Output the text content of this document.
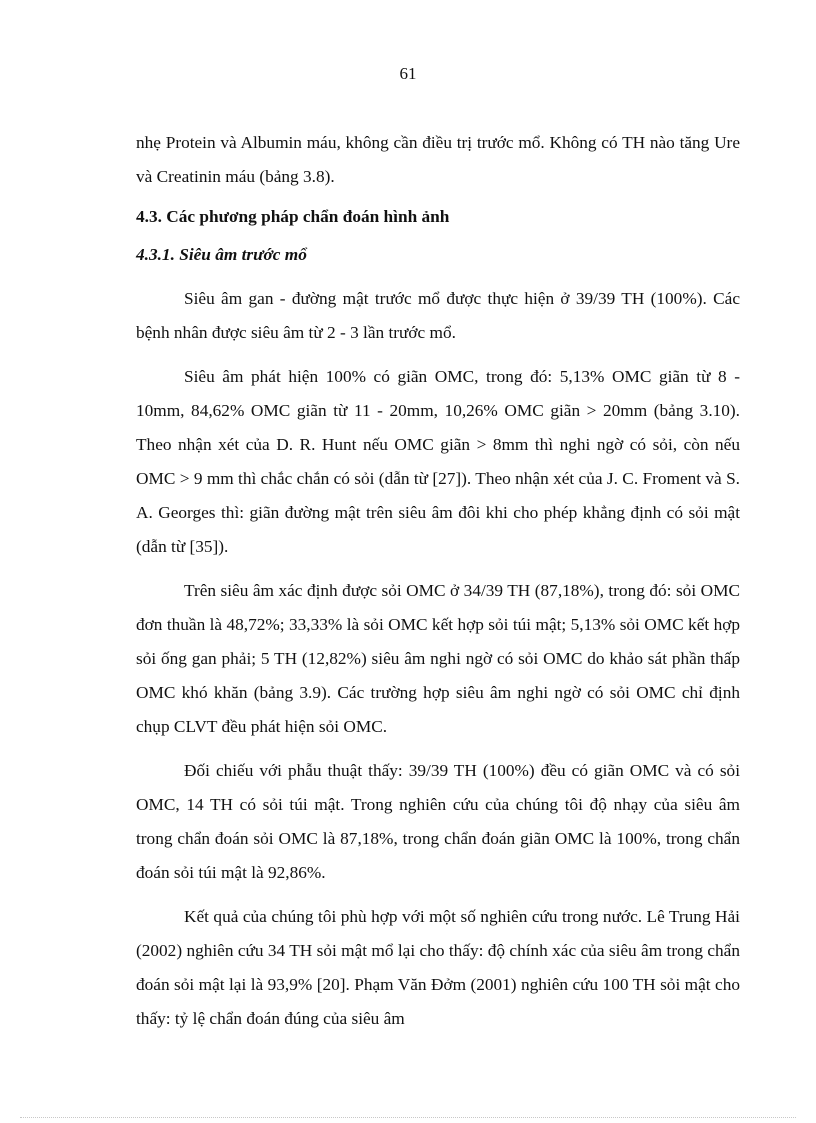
61

nhẹ Protein và Albumin máu, không cần điều trị trước mổ. Không có TH nào tăng Ure và Creatinin máu (bảng 3.8).

4.3. Các phương pháp chẩn đoán hình ảnh

4.3.1. Siêu âm trước mổ

Siêu âm gan - đường mật trước mổ được thực hiện ở 39/39 TH (100%). Các bệnh nhân được siêu âm từ 2 - 3 lần trước mổ.

Siêu âm phát hiện 100% có giãn OMC, trong đó: 5,13% OMC giãn từ 8 - 10mm, 84,62% OMC giãn từ 11 - 20mm, 10,26% OMC giãn > 20mm (bảng 3.10). Theo nhận xét của D. R. Hunt nếu OMC giãn > 8mm thì nghi ngờ có sỏi, còn nếu OMC > 9 mm thì chắc chắn có sỏi (dẫn từ [27]). Theo nhận xét của J. C. Froment và S. A. Georges thì: giãn đường mật trên siêu âm đôi khi cho phép khẳng định có sỏi mật (dẫn từ [35]).

Trên siêu âm xác định được sỏi OMC ở 34/39 TH (87,18%), trong đó: sỏi OMC đơn thuần là 48,72%; 33,33% là sỏi OMC kết hợp sỏi túi mật; 5,13% sỏi OMC kết hợp sỏi ống gan phải; 5 TH (12,82%) siêu âm nghi ngờ có sỏi OMC do khảo sát phần thấp OMC khó khăn (bảng 3.9). Các trường hợp siêu âm nghi ngờ có sỏi OMC chỉ định chụp CLVT đều phát hiện sỏi OMC.

Đối chiếu với phẫu thuật thấy: 39/39 TH (100%) đều có giãn OMC và có sỏi OMC, 14 TH có sỏi túi mật. Trong nghiên cứu của chúng tôi độ nhạy của siêu âm trong chẩn đoán sỏi OMC là 87,18%, trong chẩn đoán giãn OMC là 100%, trong chẩn đoán sỏi túi mật là 92,86%.

Kết quả của chúng tôi phù hợp với một số nghiên cứu trong nước. Lê Trung Hải (2002) nghiên cứu 34 TH sỏi mật mổ lại cho thấy: độ chính xác của siêu âm trong chẩn đoán sỏi mật lại là 93,9% [20]. Phạm Văn Đởm (2001) nghiên cứu 100 TH sỏi mật cho thấy: tỷ lệ chẩn đoán đúng của siêu âm
